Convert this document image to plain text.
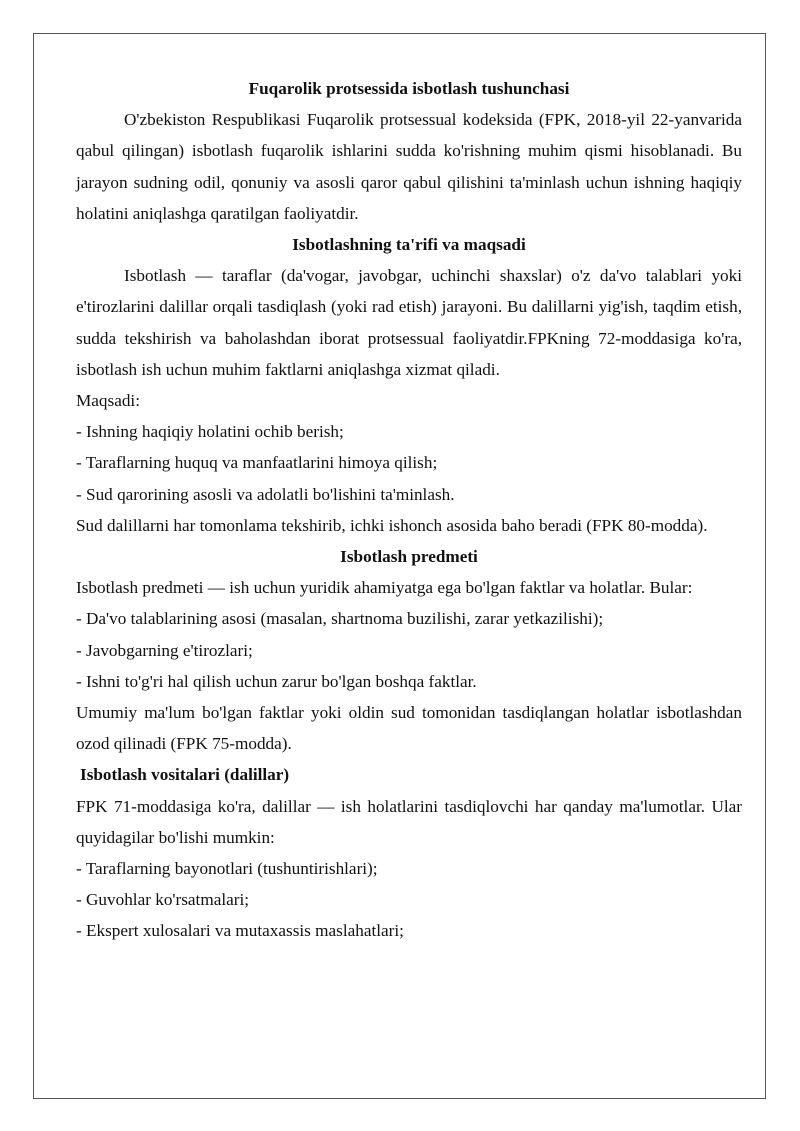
Fuqarolik protsessida isbotlash tushunchasi

O'zbekiston Respublikasi Fuqarolik protsessual kodeksida (FPK, 2018-yil 22-yanvarida qabul qilingan) isbotlash fuqarolik ishlarini sudda ko'rishning muhim qismi hisoblanadi. Bu jarayon sudning odil, qonuniy va asosli qaror qabul qilishini ta'minlash uchun ishning haqiqiy holatini aniqlashga qaratilgan faoliyatdir.

Isbotlashning ta'rifi va maqsadi

Isbotlash — taraflar (da'vogar, javobgar, uchinchi shaxslar) o'z da'vo talablari yoki e'tirozlarini dalillar orqali tasdiqlash (yoki rad etish) jarayoni. Bu dalillarni yig'ish, taqdim etish, sudda tekshirish va baholashdan iborat protsessual faoliyatdir.FPKning 72-moddasiga ko'ra, isbotlash ish uchun muhim faktlarni aniqlashga xizmat qiladi.

Maqsadi:

- Ishning haqiqiy holatini ochib berish;

- Taraflarning huquq va manfaatlarini himoya qilish;

- Sud qarorining asosli va adolatli bo'lishini ta'minlash.

Sud dalillarni har tomonlama tekshirib, ichki ishonch asosida baho beradi (FPK 80-modda).

Isbotlash predmeti

Isbotlash predmeti — ish uchun yuridik ahamiyatga ega bo'lgan faktlar va holatlar. Bular:

- Da'vo talablarining asosi (masalan, shartnoma buzilishi, zarar yetkazilishi);

- Javobgarning e'tirozlari;

- Ishni to'g'ri hal qilish uchun zarur bo'lgan boshqa faktlar.

Umumiy ma'lum bo'lgan faktlar yoki oldin sud tomonidan tasdiqlangan holatlar isbotlashdan ozod qilinadi (FPK 75-modda).

Isbotlash vositalari (dalillar)

FPK 71-moddasiga ko'ra, dalillar — ish holatlarini tasdiqlovchi har qanday ma'lumotlar. Ular quyidagilar bo'lishi mumkin:

- Taraflarning bayonotlari (tushuntirishlari);

- Guvohlar ko'rsatmalari;

- Ekspert xulosalari va mutaxassis maslahatlari;
